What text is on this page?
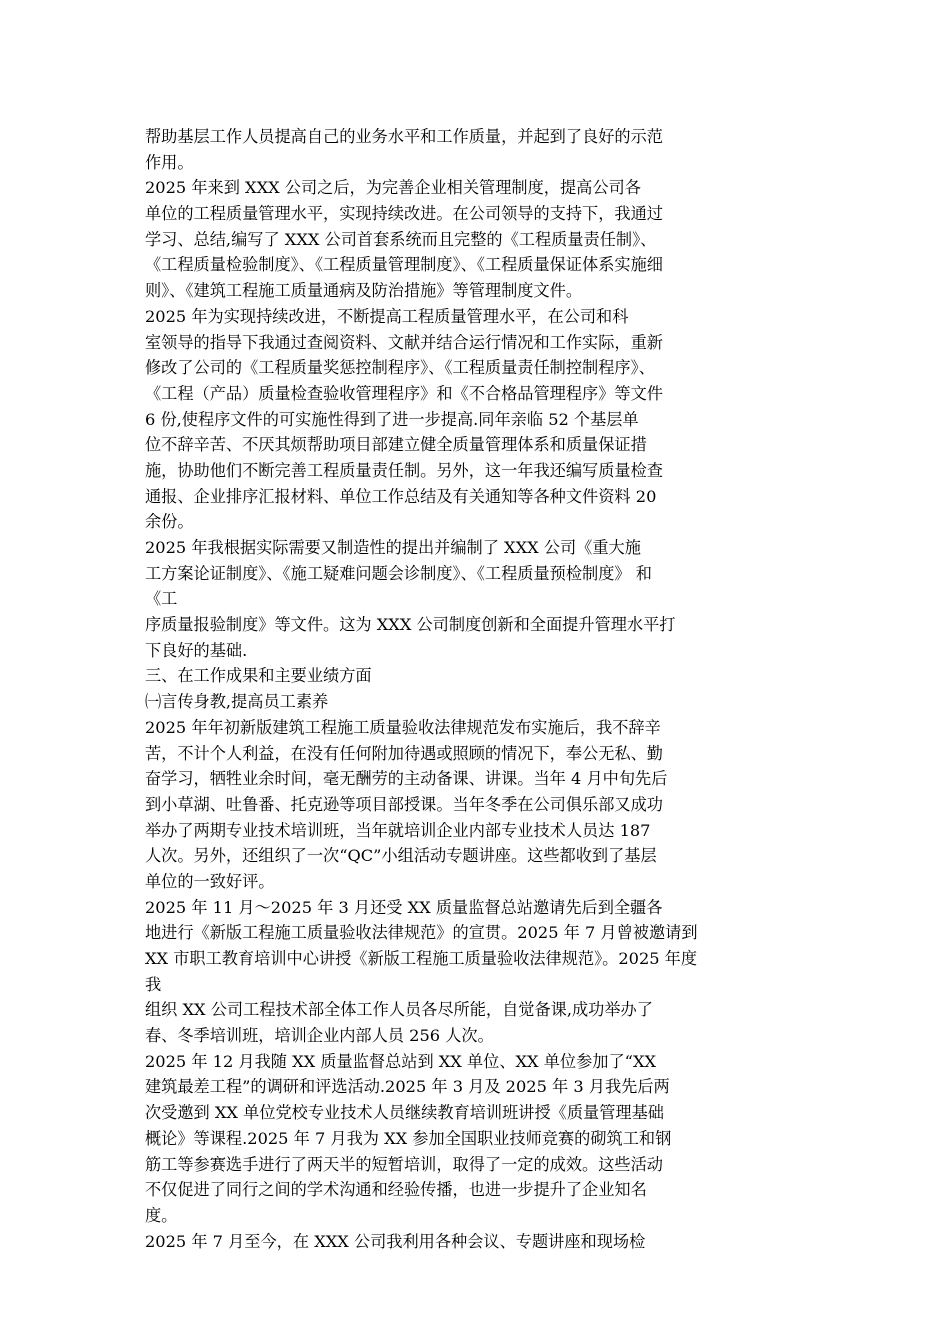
帮助基层工作人员提高自己的业务水平和工作质量，并起到了良好的示范
作用。
2025 年来到 XXX 公司之后，为完善企业相关管理制度，提高公司各
单位的工程质量管理水平，实现持续改进。在公司领导的支持下，我通过
学习、总结,编写了 XXX 公司首套系统而且完整的《工程质量责任制》、
《工程质量检验制度》、《工程质量管理制度》、《工程质量保证体系实施细
则》、《建筑工程施工质量通病及防治措施》等管理制度文件。
2025 年为实现持续改进，不断提高工程质量管理水平，在公司和科
室领导的指导下我通过查阅资料、文献并结合运行情况和工作实际，重新
修改了公司的《工程质量奖惩控制程序》、《工程质量责任制控制程序》、
《工程（产品）质量检查验收管理程序》和《不合格品管理程序》等文件
6 份,使程序文件的可实施性得到了进一步提高.同年亲临 52 个基层单
位不辞辛苦、不厌其烦帮助项目部建立健全质量管理体系和质量保证措
施，协助他们不断完善工程质量责任制。另外，这一年我还编写质量检查
通报、企业排序汇报材料、单位工作总结及有关通知等各种文件资料 20
余份。
2025 年我根据实际需要又制造性的提出并编制了 XXX 公司《重大施
工方案论证制度》、《施工疑难问题会诊制度》、《工程质量预检制度》 和
《工
序质量报验制度》等文件。这为 XXX 公司制度创新和全面提升管理水平打
下良好的基础.
三、在工作成果和主要业绩方面
㈠言传身教,提高员工素养
2025 年年初新版建筑工程施工质量验收法律规范发布实施后，我不辞辛
苦，不计个人利益，在没有任何附加待遇或照顾的情况下，奉公无私、勤
奋学习，牺牲业余时间，毫无酬劳的主动备课、讲课。当年 4 月中旬先后
到小草湖、吐鲁番、托克逊等项目部授课。当年冬季在公司俱乐部又成功
举办了两期专业技术培训班，当年就培训企业内部专业技术人员达 187
人次。另外，还组织了一次“QC”小组活动专题讲座。这些都收到了基层
单位的一致好评。
2025 年 11 月～2025 年 3 月还受 XX 质量监督总站邀请先后到全疆各
地进行《新版工程施工质量验收法律规范》的宣贯。2025 年 7 月曾被邀请到
XX 市职工教育培训中心讲授《新版工程施工质量验收法律规范》。2025 年度
我
组织 XX 公司工程技术部全体工作人员各尽所能，自觉备课,成功举办了
春、冬季培训班，培训企业内部人员 256 人次。
2025 年 12 月我随 XX 质量监督总站到 XX 单位、XX 单位参加了“XX
建筑最差工程”的调研和评选活动.2025 年 3 月及 2025 年 3 月我先后两
次受邀到 XX 单位党校专业技术人员继续教育培训班讲授《质量管理基础
概论》等课程.2025 年 7 月我为 XX 参加全国职业技师竞赛的砌筑工和钢
筋工等参赛选手进行了两天半的短暂培训，取得了一定的成效。这些活动
不仅促进了同行之间的学术沟通和经验传播，也进一步提升了企业知名
度。
2025 年 7 月至今，在 XXX 公司我利用各种会议、专题讲座和现场检
